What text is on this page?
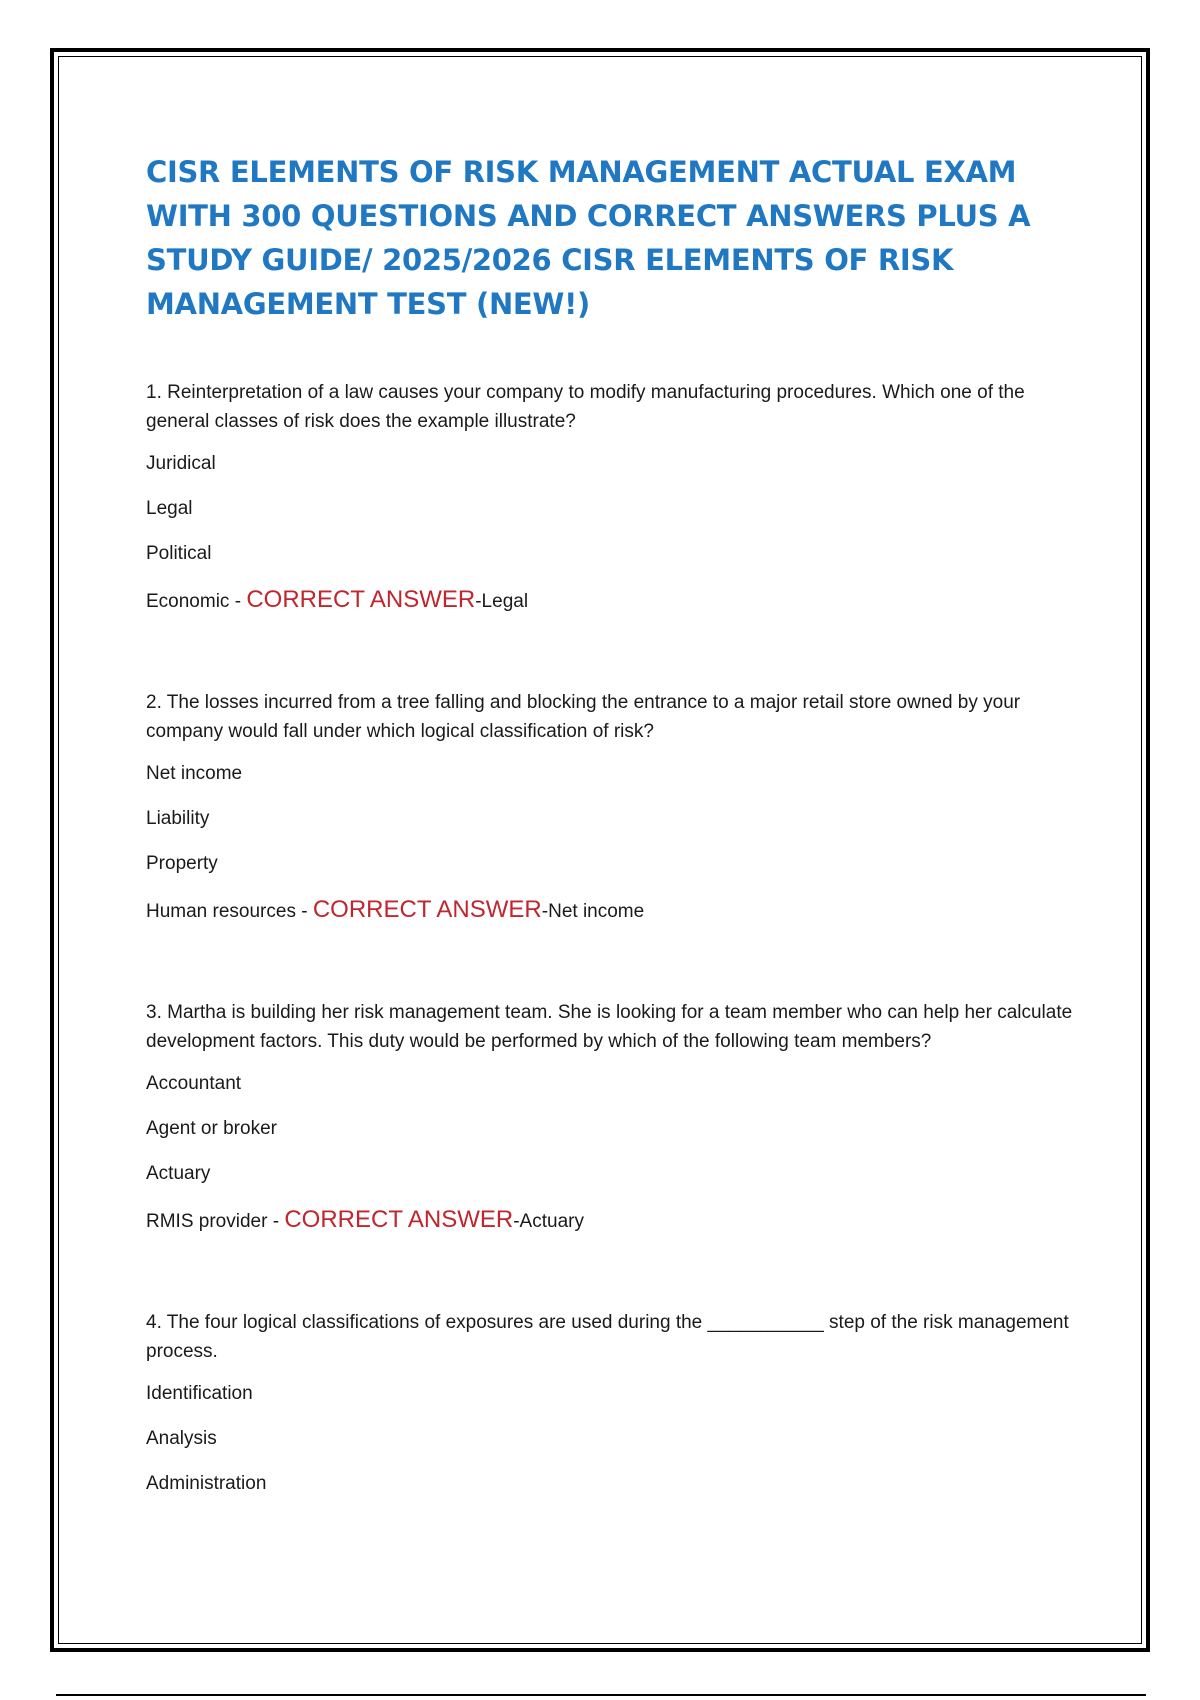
CISR ELEMENTS OF RISK MANAGEMENT ACTUAL EXAM WITH 300 QUESTIONS AND CORRECT ANSWERS PLUS A STUDY GUIDE/ 2025/2026 CISR ELEMENTS OF RISK MANAGEMENT TEST (NEW!)

1. Reinterpretation of a law causes your company to modify manufacturing procedures. Which one of the general classes of risk does the example illustrate?

Juridical

Legal

Political

Economic - CORRECT ANSWER-Legal

2. The losses incurred from a tree falling and blocking the entrance to a major retail store owned by your company would fall under which logical classification of risk?

Net income

Liability

Property

Human resources - CORRECT ANSWER-Net income

3. Martha is building her risk management team. She is looking for a team member who can help her calculate development factors. This duty would be performed by which of the following team members?

Accountant

Agent or broker

Actuary

RMIS provider - CORRECT ANSWER-Actuary

4. The four logical classifications of exposures are used during the ___________ step of the risk management process.

Identification

Analysis

Administration
